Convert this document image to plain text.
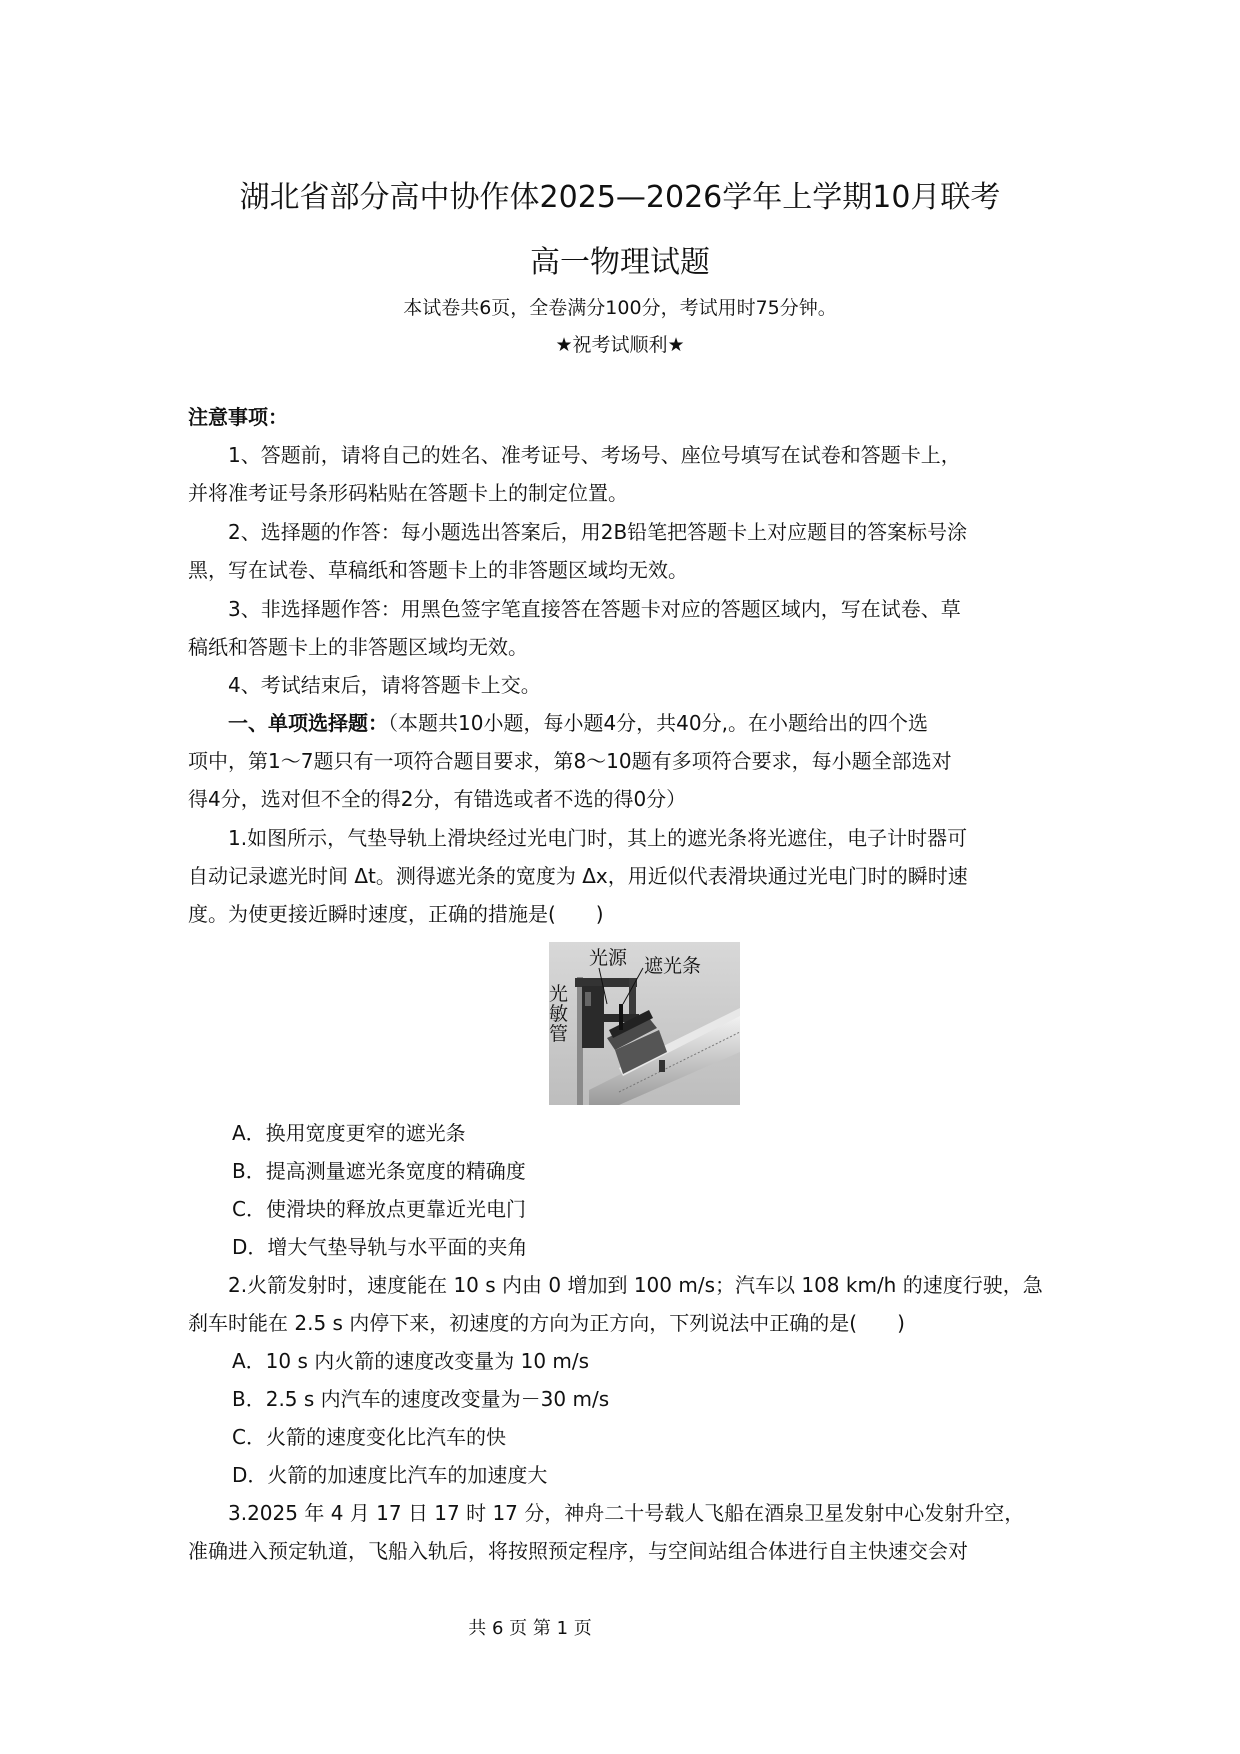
湖北省部分高中协作体2025—2026学年上学期10月联考
高一物理试题
本试卷共6页，全卷满分100分，考试用时75分钟。
★祝考试顺利★
注意事项：
1、答题前，请将自己的姓名、准考证号、考场号、座位号填写在试卷和答题卡上，
并将准考证号条形码粘贴在答题卡上的制定位置。
2、选择题的作答：每小题选出答案后，用2B铅笔把答题卡上对应题目的答案标号涂
黑，写在试卷、草稿纸和答题卡上的非答题区域均无效。
3、非选择题作答：用黑色签字笔直接答在答题卡对应的答题区域内，写在试卷、草
稿纸和答题卡上的非答题区域均无效。
4、考试结束后，请将答题卡上交。
一、单项选择题：（本题共10小题，每小题4分，共40分,。在小题给出的四个选
项中，第1～7题只有一项符合题目要求，第8～10题有多项符合要求，每小题全部选对
得4分，选对但不全的得2分，有错选或者不选的得0分）
1.如图所示，气垫导轨上滑块经过光电门时，其上的遮光条将光遮住，电子计时器可
自动记录遮光时间 Δt。测得遮光条的宽度为 Δx，用近似代表滑块通过光电门时的瞬时速
度。为使更接近瞬时速度，正确的措施是(　　)
A．换用宽度更窄的遮光条
B．提高测量遮光条宽度的精确度
C．使滑块的释放点更靠近光电门
D．增大气垫导轨与水平面的夹角
2.火箭发射时，速度能在 10 s 内由 0 增加到 100 m/s；汽车以 108 km/h 的速度行驶，急
刹车时能在 2.5 s 内停下来，初速度的方向为正方向，下列说法中正确的是(　　)
A．10 s 内火箭的速度改变量为 10 m/s
B．2.5 s 内汽车的速度改变量为－30 m/s
C．火箭的速度变化比汽车的快
D．火箭的加速度比汽车的加速度大
3.2025 年 4 月 17 日 17 时 17 分，神舟二十号载人飞船在酒泉卫星发射中心发射升空，
准确进入预定轨道，飞船入轨后，将按照预定程序，与空间站组合体进行自主快速交会对
光源 遮光条
光
敏
管
共 6 页 第 1 页
